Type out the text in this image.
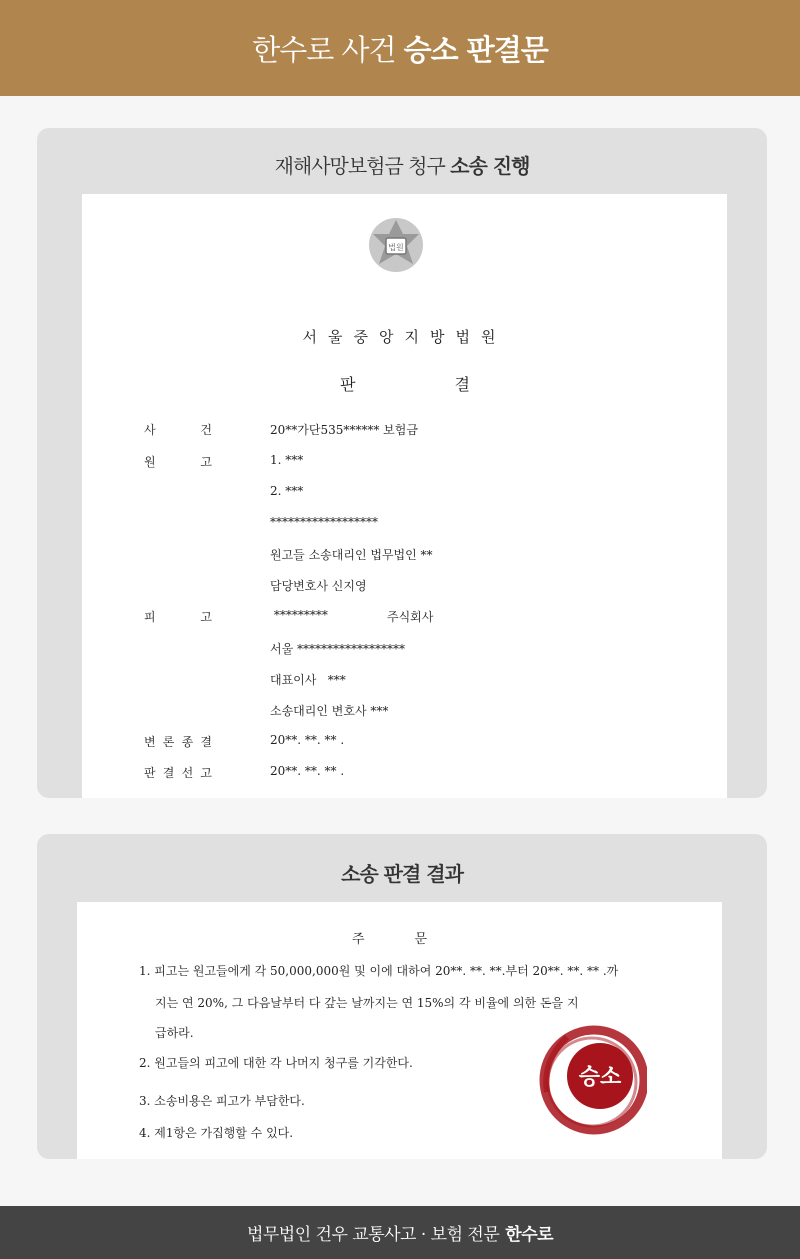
한수로 사건 승소 판결문
재해사망보험금 청구 소송 진행
법원
서울중앙지방법원
판	결
사	건	20**가단535****** 보험금
원	고	1. ***
2. ***
******************
원고들 소송대리인 법무법인 **
담당변호사 신지영
피	고	*********	주식회사
서울 ******************
대표이사   ***
소송대리인 변호사 ***
변 론 종 결	20**. **. ** .
판 결 선 고	20**. **. ** .
소송 판결 결과
주	문
1. 피고는 원고들에게 각 50,000,000원 및 이에 대하여 20**. **. **.부터 20**. **. ** .까
지는 연 20%, 그 다음날부터 다 갚는 날까지는 연 15%의 각 비율에 의한 돈을 지
급하라.
2. 원고들의 피고에 대한 각 나머지 청구를 기각한다.
3. 소송비용은 피고가 부담한다.
4. 제1항은 가집행할 수 있다.
승소
법무법인 건우 교통사고 · 보험 전문 한수로
